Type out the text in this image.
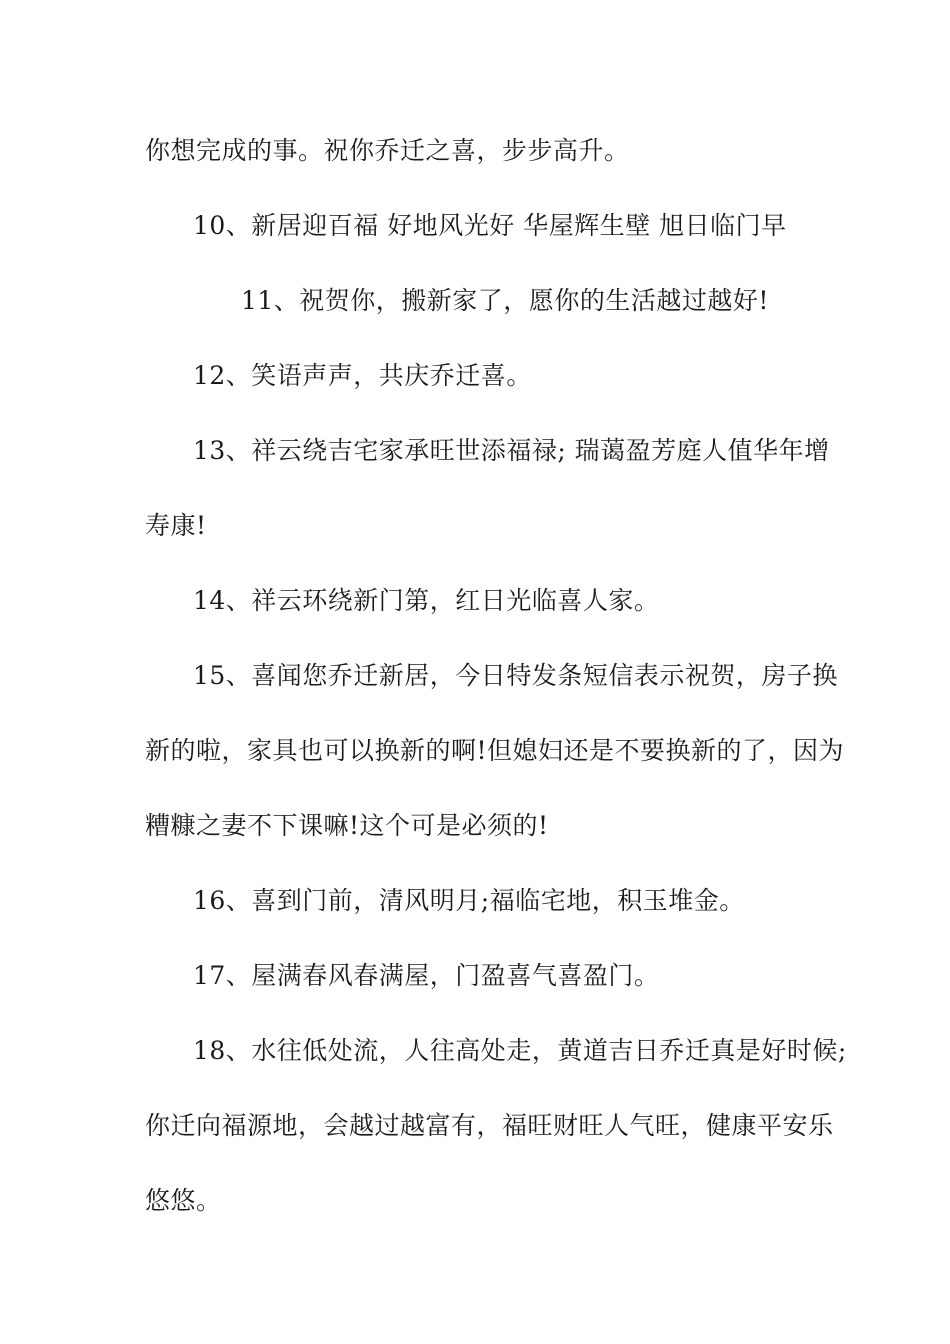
你想完成的事。祝你乔迁之喜，步步高升。
10、新居迎百福 好地风光好 华屋辉生壁 旭日临门早
11、祝贺你，搬新家了，愿你的生活越过越好!
12、笑语声声，共庆乔迁喜。
13、祥云绕吉宅家承旺世添福禄; 瑞蔼盈芳庭人值华年增
寿康!
14、祥云环绕新门第，红日光临喜人家。
15、喜闻您乔迁新居，今日特发条短信表示祝贺，房子换
新的啦，家具也可以换新的啊!但媳妇还是不要换新的了，因为
糟糠之妻不下课嘛!这个可是必须的!
16、喜到门前，清风明月;福临宅地，积玉堆金。
17、屋满春风春满屋，门盈喜气喜盈门。
18、水往低处流，人往高处走，黄道吉日乔迁真是好时候;
你迁向福源地，会越过越富有，福旺财旺人气旺，健康平安乐
悠悠。
